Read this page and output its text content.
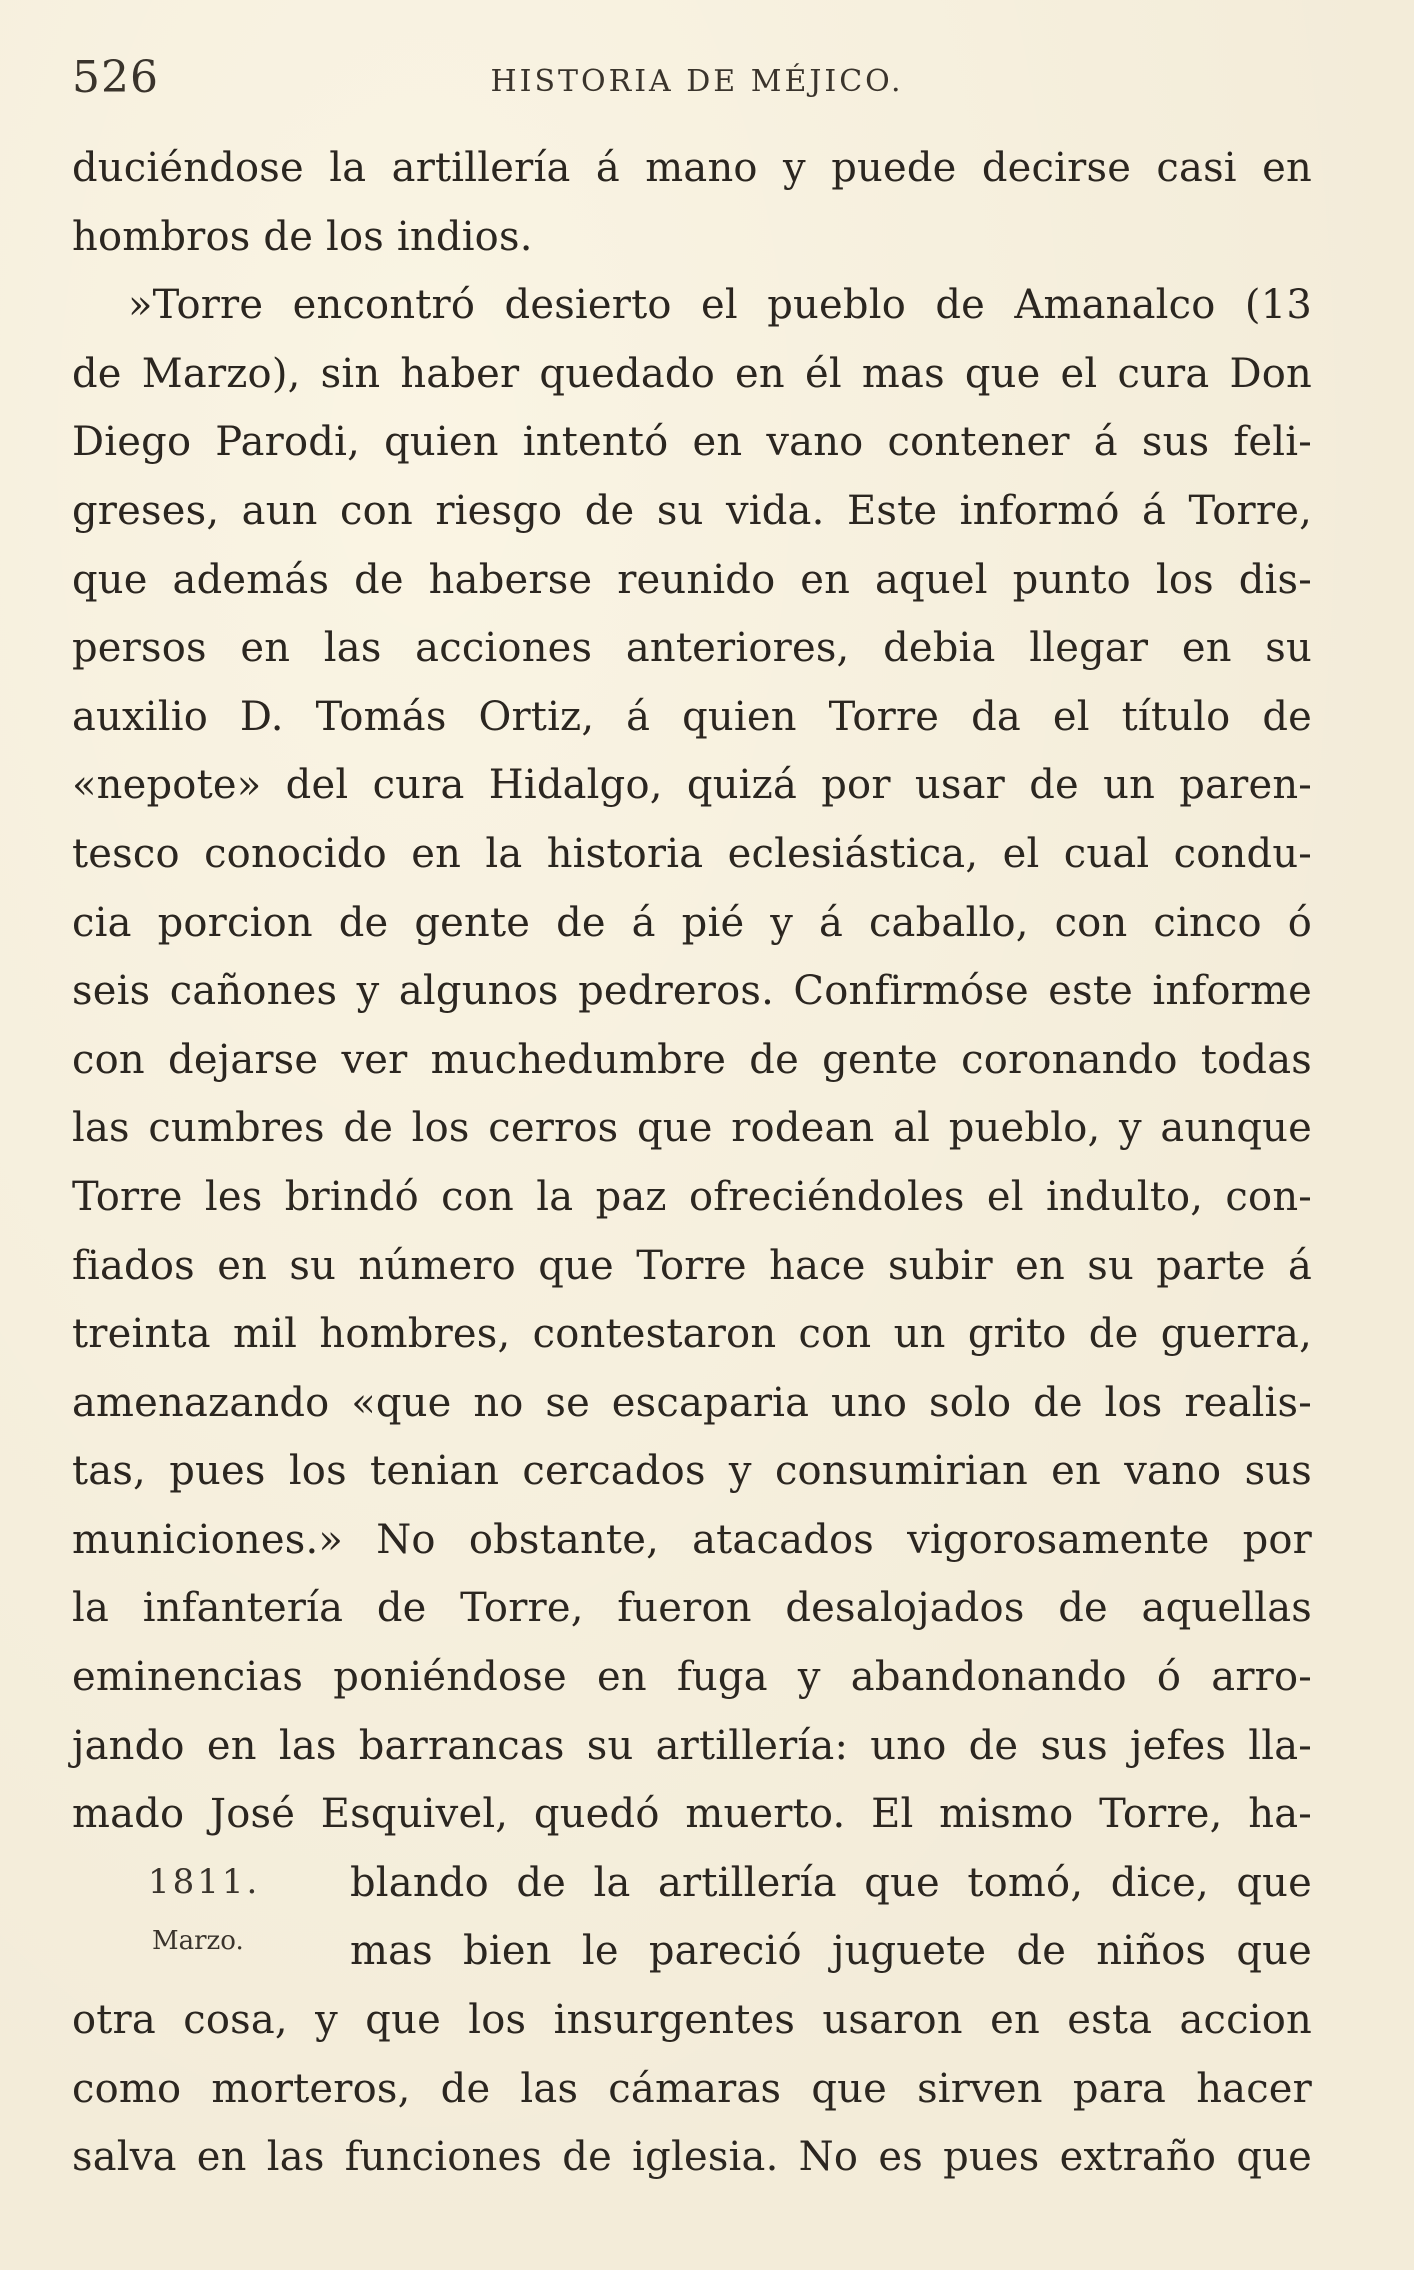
526	HISTORIA DE MÉJICO.
duciéndose la artillería á mano y puede decirse casi en
hombros de los indios.
»Torre encontró desierto el pueblo de Amanalco (13
de Marzo), sin haber quedado en él mas que el cura Don
Diego Parodi, quien intentó en vano contener á sus feli-
greses, aun con riesgo de su vida. Este informó á Torre,
que además de haberse reunido en aquel punto los dis-
persos en las acciones anteriores, debia llegar en su
auxilio D. Tomás Ortiz, á quien Torre da el título de
«nepote» del cura Hidalgo, quizá por usar de un paren-
tesco conocido en la historia eclesiástica, el cual condu-
cia porcion de gente de á pié y á caballo, con cinco ó
seis cañones y algunos pedreros. Confirmóse este informe
con dejarse ver muchedumbre de gente coronando todas
las cumbres de los cerros que rodean al pueblo, y aunque
Torre les brindó con la paz ofreciéndoles el indulto, con-
fiados en su número que Torre hace subir en su parte á
treinta mil hombres, contestaron con un grito de guerra,
amenazando «que no se escaparia uno solo de los realis-
tas, pues los tenian cercados y consumirian en vano sus
municiones.» No obstante, atacados vigorosamente por
la infantería de Torre, fueron desalojados de aquellas
eminencias poniéndose en fuga y abandonando ó arro-
jando en las barrancas su artillería: uno de sus jefes lla-
mado José Esquivel, quedó muerto. El mismo Torre, ha-
blando de la artillería que tomó, dice, que
mas bien le pareció juguete de niños que
otra cosa, y que los insurgentes usaron en esta accion
como morteros, de las cámaras que sirven para hacer
salva en las funciones de iglesia. No es pues extraño que
1811.
Marzo.
